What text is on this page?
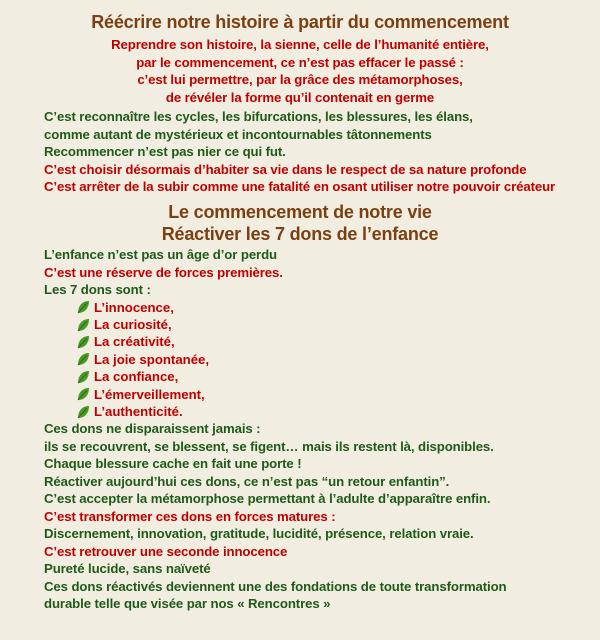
Réécrire notre histoire à partir du commencement
Reprendre son histoire, la sienne, celle de l’humanité entière,
par le commencement, ce n’est pas effacer le passé :
c’est lui permettre, par la grâce des métamorphoses,
de révéler la forme qu’il contenait en germe
C’est reconnaître les cycles, les bifurcations, les blessures, les élans,
comme autant de mystérieux et incontournables tâtonnements
Recommencer n’est pas nier ce qui fut.
C’est choisir désormais d’habiter sa vie dans le respect de sa nature profonde
C’est arrêter de la subir comme une fatalité en osant utiliser notre pouvoir créateur
Le commencement de notre vie
Réactiver les 7 dons de l’enfance
L’enfance n’est pas un âge d’or perdu
C’est une réserve de forces premières.
Les 7 dons sont :
L’innocence,
La curiosité,
La créativité,
La joie spontanée,
La confiance,
L’émerveillement,
L’authenticité.
Ces dons ne disparaissent jamais :
ils se recouvrent, se blessent, se figent… mais ils restent là, disponibles.
Chaque blessure cache en fait une porte !
Réactiver aujourd’hui ces dons, ce n’est pas “un retour enfantin”.
C’est accepter la métamorphose permettant à l’adulte d’apparaître enfin.
C’est transformer ces dons en forces matures :
Discernement, innovation, gratitude, lucidité, présence, relation vraie.
C’est retrouver une seconde innocence
Pureté lucide, sans naïveté
Ces dons réactivés deviennent une des fondations de toute transformation
durable telle que visée par nos « Rencontres »
